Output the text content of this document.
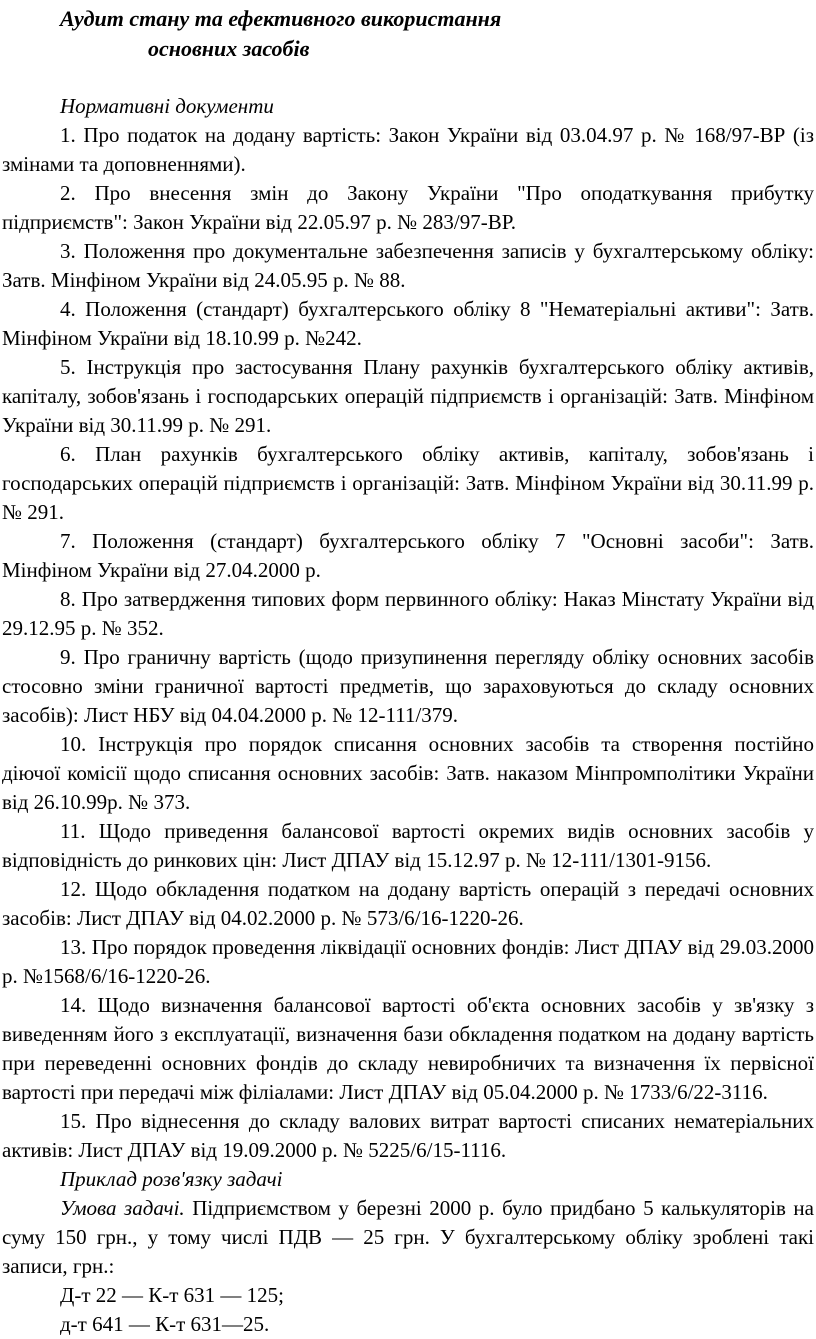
Аудит стану та ефективного використання
основних засобів

Нормативні документи

1. Про податок на додану вартість: Закон України від 03.04.97 р. № 168/97-ВР (із змінами та доповненнями).

2. Про внесення змін до Закону України "Про оподаткування прибутку підприємств": Закон України від 22.05.97 р. № 283/97-ВР.

3. Положення про документальне забезпечення записів у бухгалтерському обліку: Затв. Мінфіном України від 24.05.95 р. № 88.

4. Положення (стандарт) бухгалтерського обліку 8 "Нематеріальні активи": Затв. Мінфіном України від 18.10.99 р. №242.

5. Інструкція про застосування Плану рахунків бухгалтерського обліку активів, капіталу, зобов'язань і господарських операцій підприємств і організацій: Затв. Мінфіном України від 30.11.99 р. № 291.

6. План рахунків бухгалтерського обліку активів, капіталу, зобов'язань і господарських операцій підприємств і організацій: Затв. Мінфіном України від 30.11.99 р. № 291.

7. Положення (стандарт) бухгалтерського обліку 7 "Основні засоби": Затв. Мінфіном України від 27.04.2000 р.

8. Про затвердження типових форм первинного обліку: Наказ Мінстату України від 29.12.95 р. № 352.

9. Про граничну вартість (щодо призупинення перегляду обліку основних засобів стосовно зміни граничної вартості предметів, що зараховуються до складу основних засобів): Лист НБУ від 04.04.2000 р. № 12-111/379.

10. Інструкція про порядок списання основних засобів та створення постійно діючої комісії щодо списання основних засобів: Затв. наказом Мінпромполітики України від 26.10.99р. № 373.

11. Щодо приведення балансової вартості окремих видів основних засобів у відповідність до ринкових цін: Лист ДПАУ від 15.12.97 р. № 12-111/1301-9156.

12. Щодо обкладення податком на додану вартість операцій з передачі основних засобів: Лист ДПАУ від 04.02.2000 р. № 573/6/16-1220-26.

13. Про порядок проведення ліквідації основних фондів: Лист ДПАУ від 29.03.2000 р. №1568/6/16-1220-26.

14. Щодо визначення балансової вартості об'єкта основних засобів у зв'язку з виведенням його з експлуатації, визначення бази обкладення податком на додану вартість при переведенні основних фондів до складу невиробничих та визначення їх первісної вартості при передачі між філіалами: Лист ДПАУ від 05.04.2000 р. № 1733/6/22-3116.

15. Про віднесення до складу валових витрат вартості списаних нематеріальних активів: Лист ДПАУ від 19.09.2000 р. № 5225/6/15-1116.

Приклад розв'язку задачі

Умова задачі. Підприємством у березні 2000 р. було придбано 5 калькуляторів на суму 150 грн., у тому числі ПДВ — 25 грн. У бухгалтерському обліку зроблені такі записи, грн.:

Д-т 22 — К-т 631 — 125;

д-т 641 — К-т 631—25.
